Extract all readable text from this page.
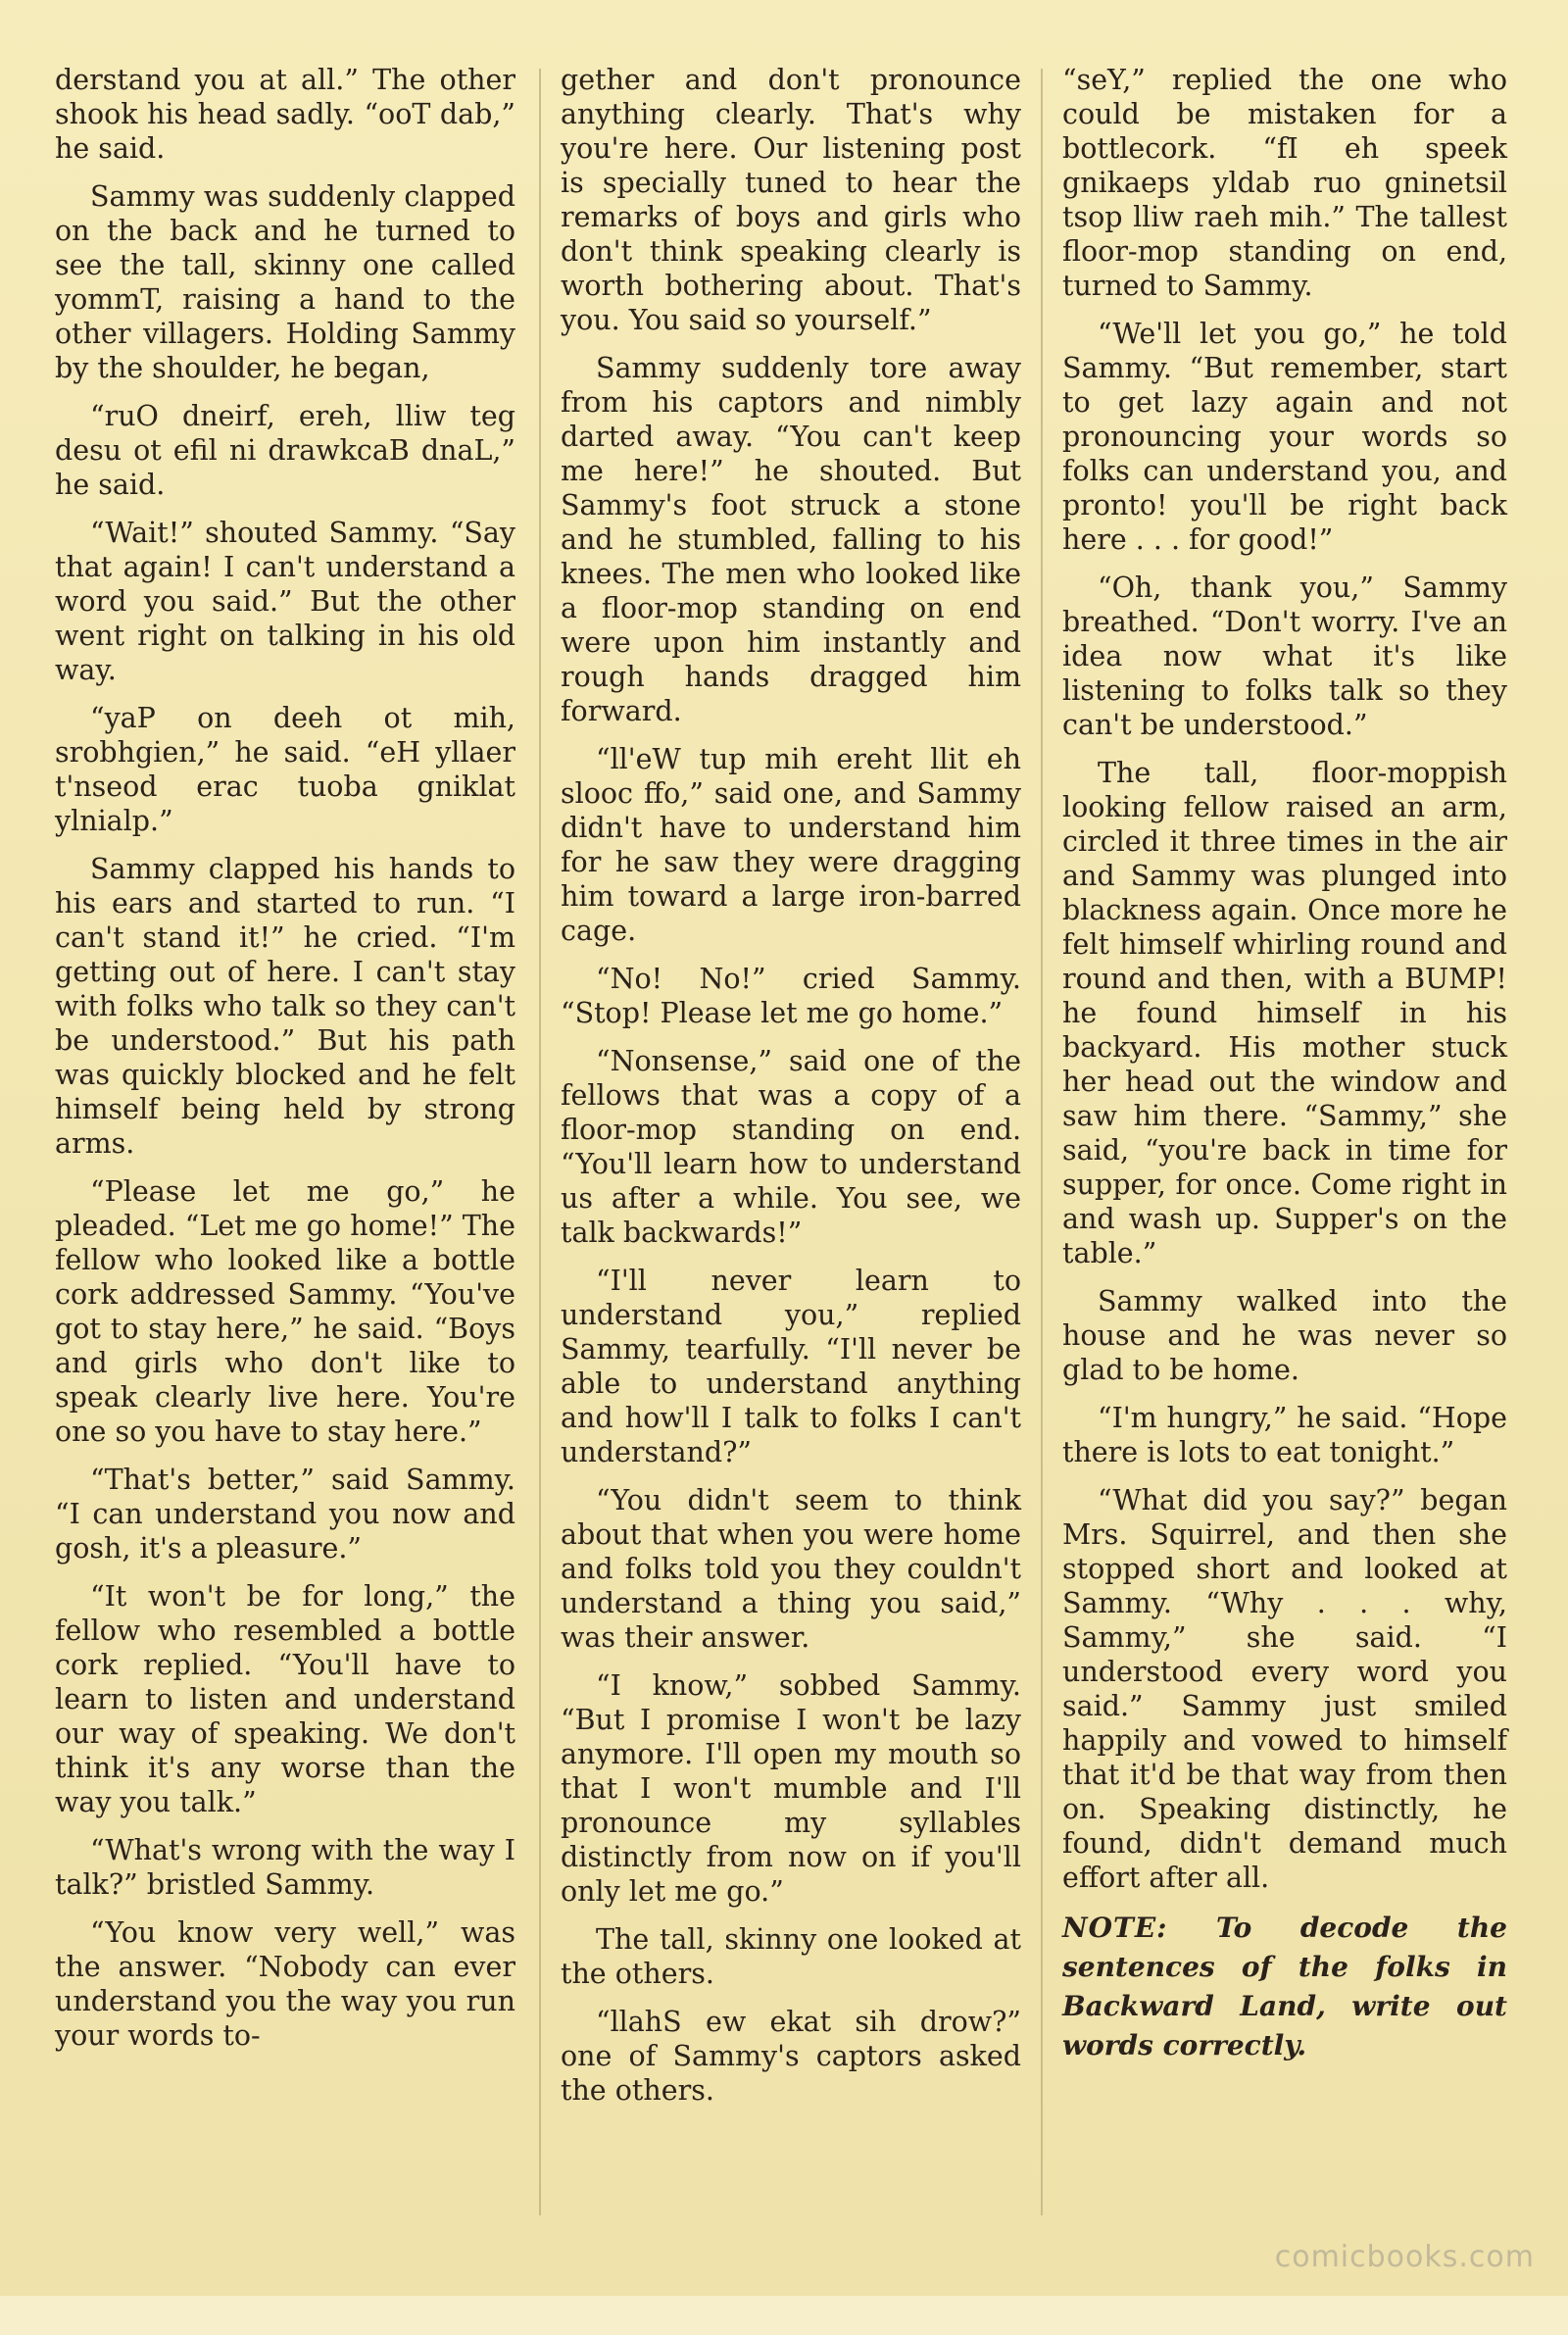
derstand you at all.” The other shook his head sadly. “ooT dab,” he said.

Sammy was suddenly clapped on the back and he turned to see the tall, skinny one called yommT, raising a hand to the other villagers. Holding Sammy by the shoulder, he began,

“ruO dneirf, ereh, lliw teg desu ot efil ni drawkcaB dnaL,” he said.

“Wait!” shouted Sammy. “Say that again! I can't understand a word you said.” But the other went right on talking in his old way.

“yaP on deeh ot mih, srobhgien,” he said. “eH yllaer t'nseod erac tuoba gniklat ylnialp.”

Sammy clapped his hands to his ears and started to run. “I can't stand it!” he cried. “I'm getting out of here. I can't stay with folks who talk so they can't be understood.” But his path was quickly blocked and he felt himself being held by strong arms.

“Please let me go,” he pleaded. “Let me go home!” The fellow who looked like a bottle cork addressed Sammy. “You've got to stay here,” he said. “Boys and girls who don't like to speak clearly live here. You're one so you have to stay here.”

“That's better,” said Sammy. “I can understand you now and gosh, it's a pleasure.”

“It won't be for long,” the fellow who resembled a bottle cork replied. “You'll have to learn to listen and understand our way of speaking. We don't think it's any worse than the way you talk.”

“What's wrong with the way I talk?” bristled Sammy.

“You know very well,” was the answer. “Nobody can ever understand you the way you run your words to-

gether and don't pronounce anything clearly. That's why you're here. Our listening post is specially tuned to hear the remarks of boys and girls who don't think speaking clearly is worth bothering about. That's you. You said so yourself.”

Sammy suddenly tore away from his captors and nimbly darted away. “You can't keep me here!” he shouted. But Sammy's foot struck a stone and he stumbled, falling to his knees. The men who looked like a floor-mop standing on end were upon him instantly and rough hands dragged him forward.

“ll'eW tup mih ereht llit eh slooc ffo,” said one, and Sammy didn't have to understand him for he saw they were dragging him toward a large iron-barred cage.

“No! No!” cried Sammy. “Stop! Please let me go home.”

“Nonsense,” said one of the fellows that was a copy of a floor-mop standing on end. “You'll learn how to understand us after a while. You see, we talk backwards!”

“I'll never learn to understand you,” replied Sammy, tearfully. “I'll never be able to understand anything and how'll I talk to folks I can't understand?”

“You didn't seem to think about that when you were home and folks told you they couldn't understand a thing you said,” was their answer.

“I know,” sobbed Sammy. “But I promise I won't be lazy anymore. I'll open my mouth so that I won't mumble and I'll pronounce my syllables distinctly from now on if you'll only let me go.”

The tall, skinny one looked at the others.

“llahS ew ekat sih drow?” one of Sammy's captors asked the others.

“seY,” replied the one who could be mistaken for a bottlecork. “fI eh speek gnikaeps yldab ruo gninetsil tsop lliw raeh mih.” The tallest floor-mop standing on end, turned to Sammy.

“We'll let you go,” he told Sammy. “But remember, start to get lazy again and not pronouncing your words so folks can understand you, and pronto! you'll be right back here . . . for good!”

“Oh, thank you,” Sammy breathed. “Don't worry. I've an idea now what it's like listening to folks talk so they can't be understood.”

The tall, floor-moppish looking fellow raised an arm, circled it three times in the air and Sammy was plunged into blackness again. Once more he felt himself whirling round and round and then, with a BUMP! he found himself in his backyard. His mother stuck her head out the window and saw him there. “Sammy,” she said, “you're back in time for supper, for once. Come right in and wash up. Supper's on the table.”

Sammy walked into the house and he was never so glad to be home.

“I'm hungry,” he said. “Hope there is lots to eat tonight.”

“What did you say?” began Mrs. Squirrel, and then she stopped short and looked at Sammy. “Why . . . why, Sammy,” she said. “I understood every word you said.” Sammy just smiled happily and vowed to himself that it'd be that way from then on. Speaking distinctly, he found, didn't demand much effort after all.

NOTE: To decode the sentences of the folks in Backward Land, write out words correctly.

comicbooks.com
